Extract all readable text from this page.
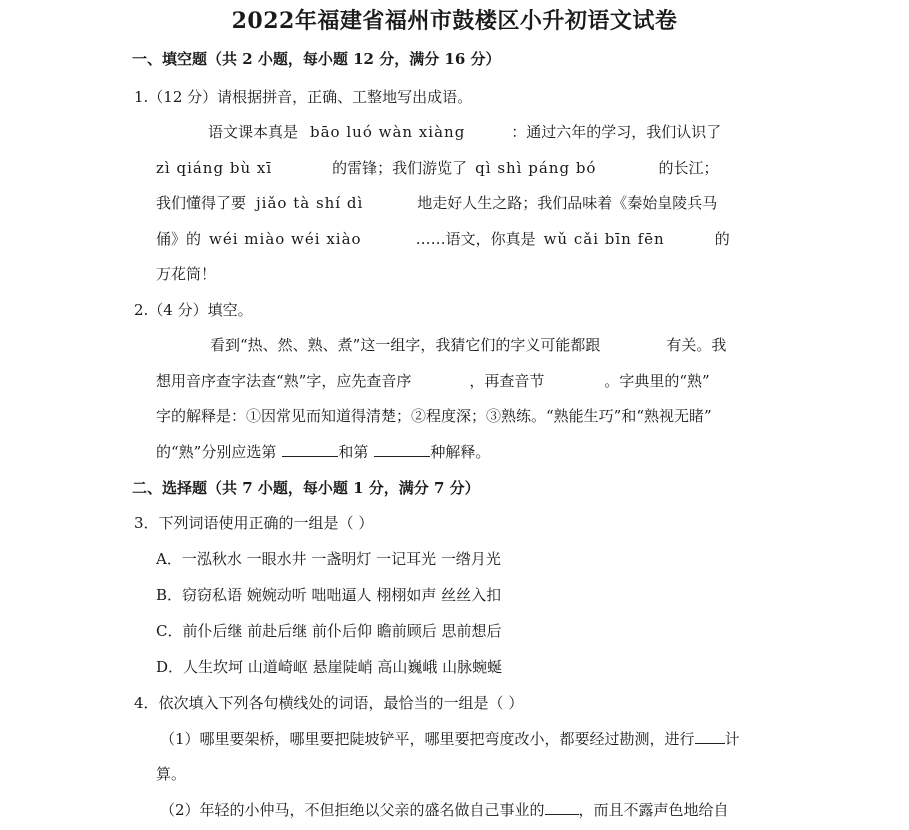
2022年福建省福州市鼓楼区小升初语文试卷
一、填空题（共 2 小题，每小题 12 分，满分 16 分）
1.（12 分）请根据拼音，正确、工整地写出成语。
语文课本真是 bāo luó wàn xiàng	：通过六年的学习，我们认识了
zì qiáng bù xī	的雷锋；我们游览了 qì shì páng bó	的长江；
我们懂得了要 jiǎo tà shí dì	地走好人生之路；我们品味着《秦始皇陵兵马
俑》的 wéi miào wéi xiào	……语文，你真是 wǔ cǎi bīn fēn	的
万花筒！
2.（4 分）填空。
看到“热、然、熟、煮”这一组字，我猜它们的字义可能都跟	有关。我
想用音序查字法查“熟”字，应先查音序	，再查音节	。字典里的“熟”
字的解释是：①因常见而知道得清楚；②程度深；③熟练。“熟能生巧”和“熟视无睹”
的“熟”分别应选第	和第	种解释。
二、选择题（共 7 小题，每小题 1 分，满分 7 分）
3．下列词语使用正确的一组是（ ）
A．一泓秋水 一眼水井 一盏明灯 一记耳光 一绺月光
B．窃窃私语 婉婉动听 咄咄逼人 栩栩如声 丝丝入扣
C．前仆后继 前赴后继 前仆后仰 瞻前顾后 思前想后
D．人生坎坷 山道崎岖 悬崖陡峭 高山巍峨 山脉蜿蜒
4．依次填入下列各句横线处的词语，最恰当的一组是（ ）
（1）哪里要架桥，哪里要把陡坡铲平，哪里要把弯度改小，都要经过勘测，进行 计
算。
（2）年轻的小仲马，不但拒绝以父亲的盛名做自己事业的 ，而且不露声色地给自
